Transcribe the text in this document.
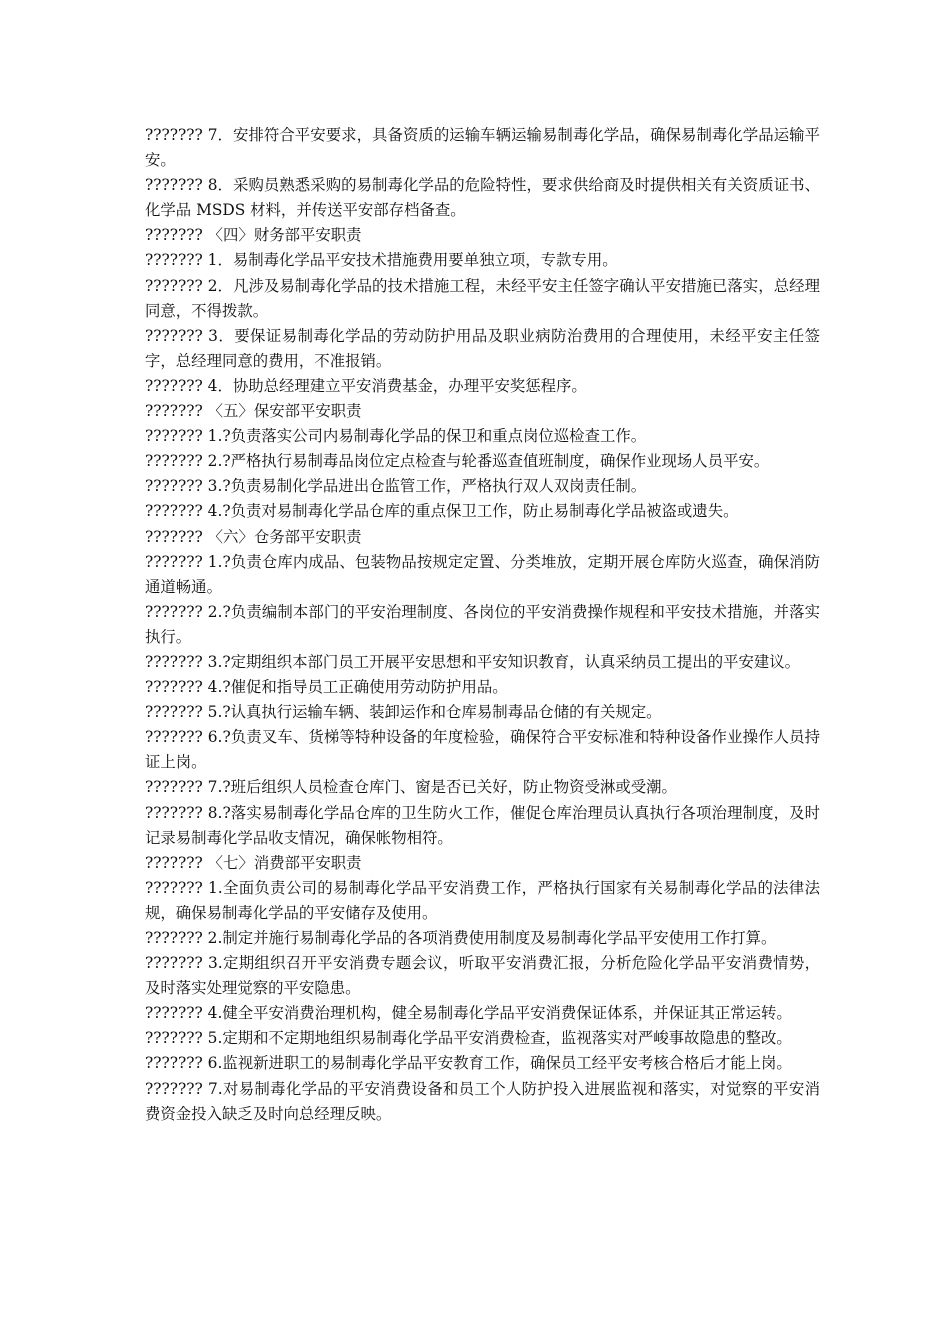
??????? 7．安排符合平安要求，具备资质的运输车辆运输易制毒化学品，确保易制毒化学品运输平安。

??????? 8．采购员熟悉采购的易制毒化学品的危险特性，要求供给商及时提供相关有关资质证书、化学品 MSDS 材料，并传送平安部存档备查。

??????? 〈四〉财务部平安职责

??????? 1．易制毒化学品平安技术措施费用要单独立项，专款专用。

??????? 2．凡涉及易制毒化学品的技术措施工程，未经平安主任签字确认平安措施已落实，总经理同意，不得拨款。

??????? 3．要保证易制毒化学品的劳动防护用品及职业病防治费用的合理使用，未经平安主任签字，总经理同意的费用，不准报销。

??????? 4．协助总经理建立平安消费基金，办理平安奖惩程序。

??????? 〈五〉保安部平安职责

??????? 1.?负责落实公司内易制毒化学品的保卫和重点岗位巡检查工作。

??????? 2.?严格执行易制毒品岗位定点检查与轮番巡查值班制度，确保作业现场人员平安。

??????? 3.?负责易制化学品进出仓监管工作，严格执行双人双岗责任制。

??????? 4.?负责对易制毒化学品仓库的重点保卫工作，防止易制毒化学品被盗或遗失。

??????? 〈六〉仓务部平安职责

??????? 1.?负责仓库内成品、包装物品按规定定置、分类堆放，定期开展仓库防火巡查，确保消防通道畅通。

??????? 2.?负责编制本部门的平安治理制度、各岗位的平安消费操作规程和平安技术措施，并落实执行。

??????? 3.?定期组织本部门员工开展平安思想和平安知识教育，认真采纳员工提出的平安建议。

??????? 4.?催促和指导员工正确使用劳动防护用品。

??????? 5.?认真执行运输车辆、装卸运作和仓库易制毒品仓储的有关规定。

??????? 6.?负责叉车、货梯等特种设备的年度检验，确保符合平安标准和特种设备作业操作人员持证上岗。

??????? 7.?班后组织人员检查仓库门、窗是否已关好，防止物资受淋或受潮。

??????? 8.?落实易制毒化学品仓库的卫生防火工作，催促仓库治理员认真执行各项治理制度，及时记录易制毒化学品收支情况，确保帐物相符。

??????? 〈七〉消费部平安职责

??????? 1.全面负责公司的易制毒化学品平安消费工作，严格执行国家有关易制毒化学品的法律法规，确保易制毒化学品的平安储存及使用。

??????? 2.制定并施行易制毒化学品的各项消费使用制度及易制毒化学品平安使用工作打算。

??????? 3.定期组织召开平安消费专题会议，听取平安消费汇报，分析危险化学品平安消费情势，及时落实处理觉察的平安隐患。

??????? 4.健全平安消费治理机构，健全易制毒化学品平安消费保证体系，并保证其正常运转。

??????? 5.定期和不定期地组织易制毒化学品平安消费检查，监视落实对严峻事故隐患的整改。

??????? 6.监视新进职工的易制毒化学品平安教育工作，确保员工经平安考核合格后才能上岗。

??????? 7.对易制毒化学品的平安消费设备和员工个人防护投入进展监视和落实，对觉察的平安消费资金投入缺乏及时向总经理反映。
